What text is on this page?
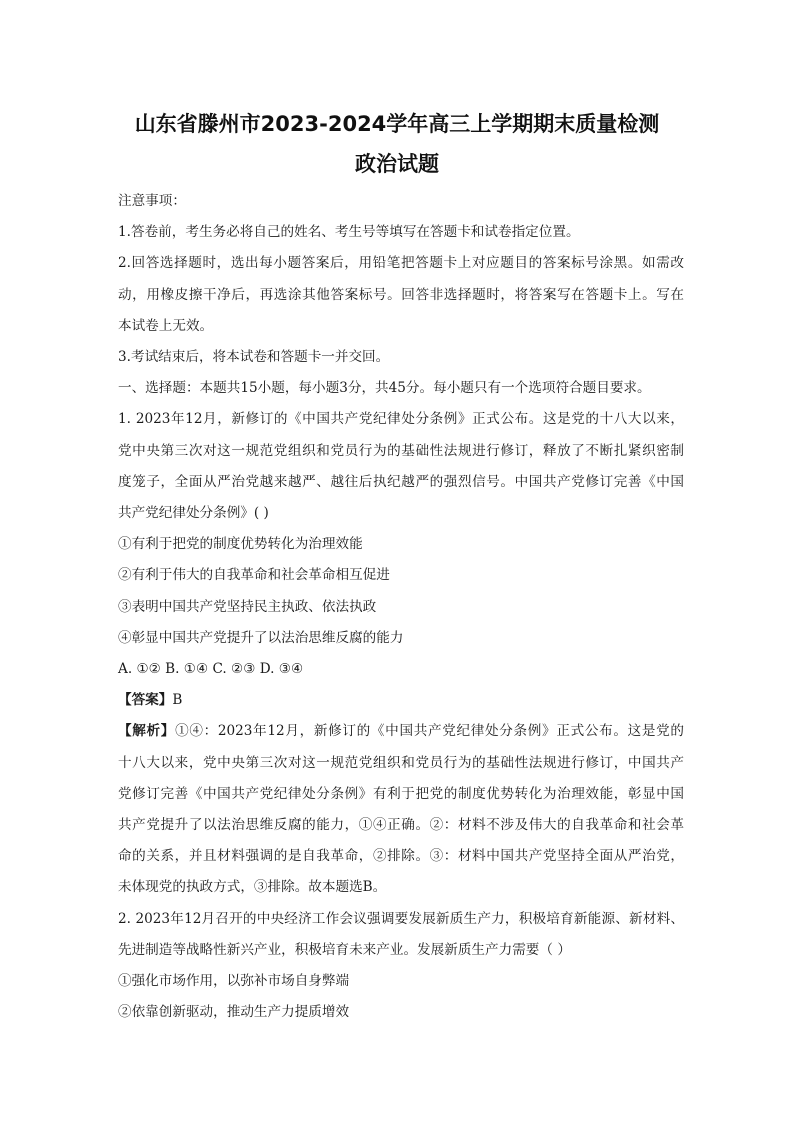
山东省滕州市2023-2024学年高三上学期期末质量检测
政治试题

注意事项：

1.答卷前，考生务必将自己的姓名、考生号等填写在答题卡和试卷指定位置。

2.回答选择题时，选出每小题答案后，用铅笔把答题卡上对应题目的答案标号涂黑。如需改

动，用橡皮擦干净后，再选涂其他答案标号。回答非选择题时，将答案写在答题卡上。写在

本试卷上无效。

3.考试结束后，将本试卷和答题卡一并交回。

一、选择题：本题共15小题，每小题3分，共45分。每小题只有一个选项符合题目要求。

1. 2023年12月，新修订的《中国共产党纪律处分条例》正式公布。这是党的十八大以来，

党中央第三次对这一规范党组织和党员行为的基础性法规进行修订，释放了不断扎紧织密制

度笼子，全面从严治党越来越严、越往后执纪越严的强烈信号。中国共产党修订完善《中国

共产党纪律处分条例》( )

①有利于把党的制度优势转化为治理效能

②有利于伟大的自我革命和社会革命相互促进

③表明中国共产党坚持民主执政、依法执政

④彰显中国共产党提升了以法治思维反腐的能力

A. ①② B. ①④ C. ②③ D. ③④

【答案】B

【解析】①④：2023年12月，新修订的《中国共产党纪律处分条例》正式公布。这是党的

十八大以来，党中央第三次对这一规范党组织和党员行为的基础性法规进行修订，中国共产

党修订完善《中国共产党纪律处分条例》有利于把党的制度优势转化为治理效能，彰显中国

共产党提升了以法治思维反腐的能力，①④正确。②：材料不涉及伟大的自我革命和社会革

命的关系，并且材料强调的是自我革命，②排除。③：材料中国共产党坚持全面从严治党，

未体现党的执政方式，③排除。故本题选B。

2. 2023年12月召开的中央经济工作会议强调要发展新质生产力，积极培育新能源、新材料、

先进制造等战略性新兴产业，积极培育未来产业。发展新质生产力需要（ ）

①强化市场作用，以弥补市场自身弊端

②依靠创新驱动，推动生产力提质增效
